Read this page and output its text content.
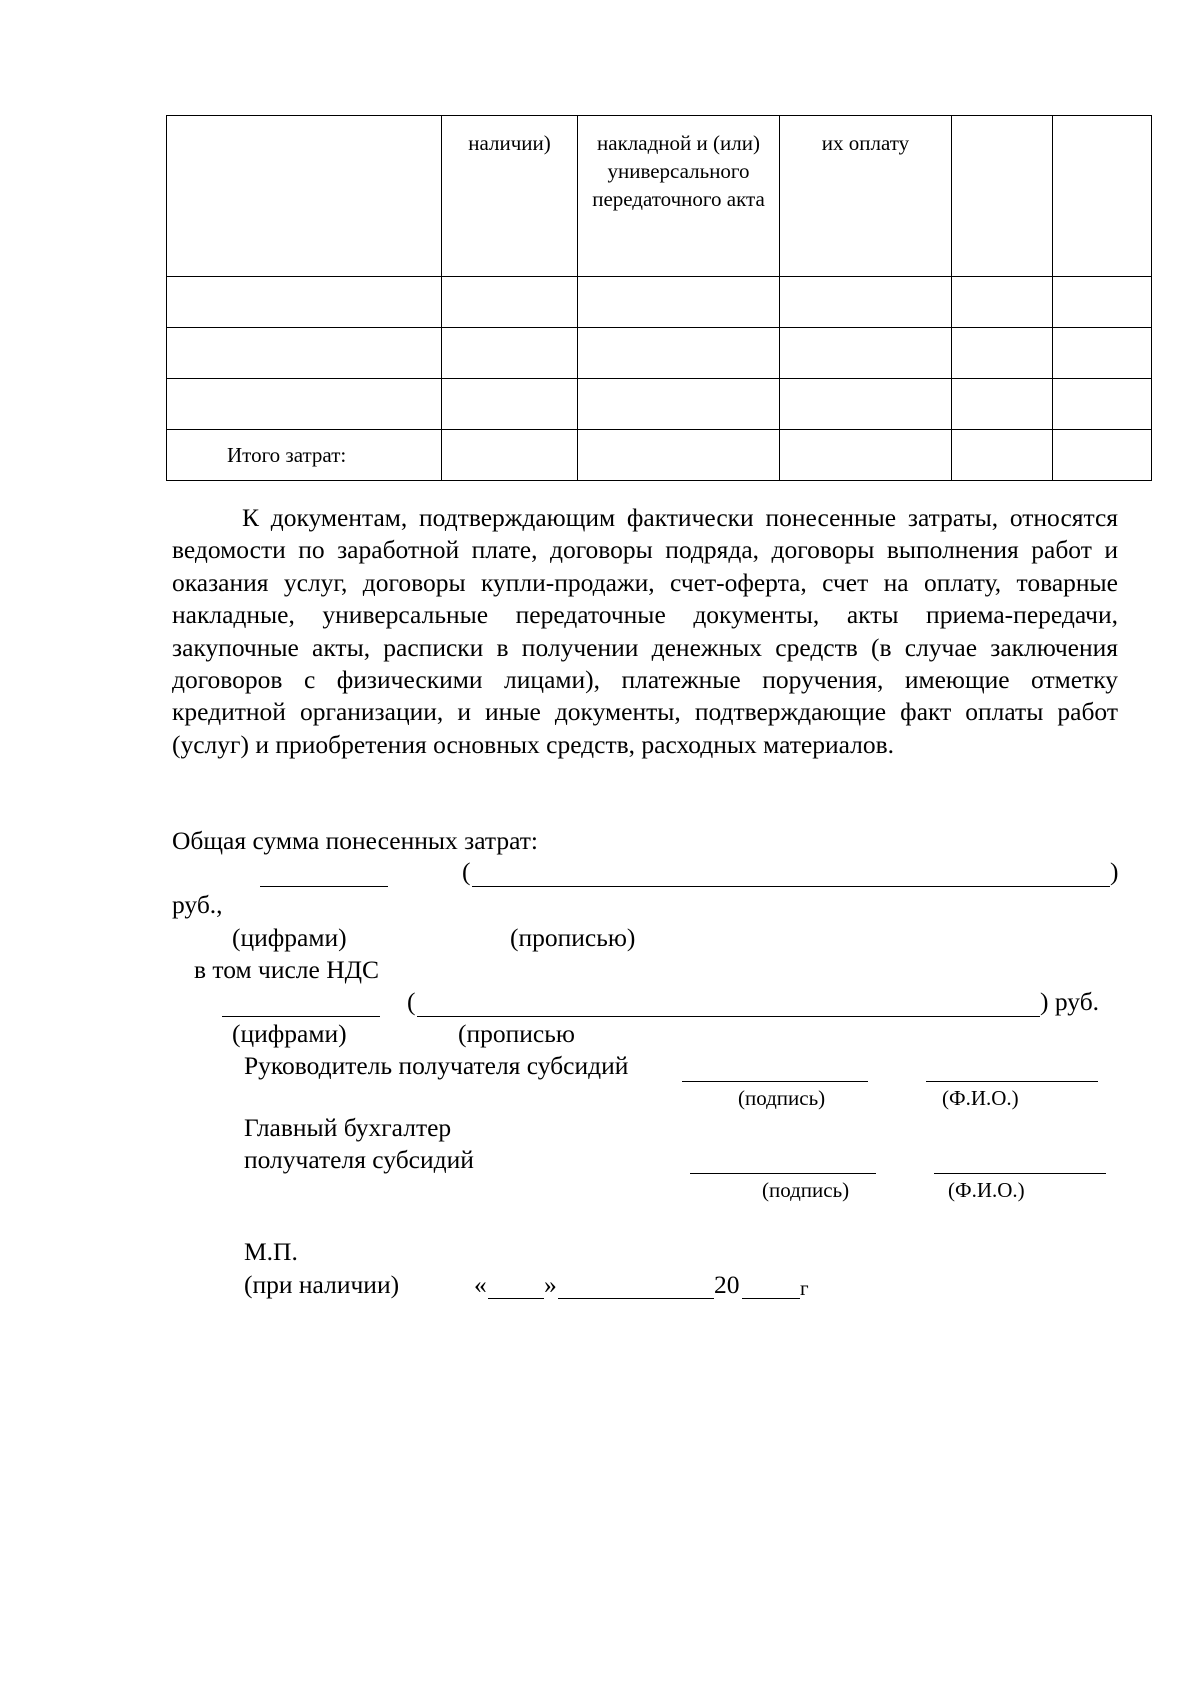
	наличии)	накладной и (или) универсального передаточного акта	их оплату		

Итого затрат:					
К документам, подтверждающим фактически понесенные затраты, относятся ведомости по заработной плате, договоры подряда, договоры выполнения работ и оказания услуг, договоры купли-продажи, счет-оферта, счет на оплату, товарные накладные, универсальные передаточные документы, акты приема-передачи, закупочные акты, расписки в получении денежных средств (в случае заключения договоров с физическими лицами), платежные поручения, имеющие отметку кредитной организации, и иные документы, подтверждающие факт оплаты работ (услуг) и приобретения основных средств, расходных материалов.
Общая сумма понесенных затрат:
(	)
руб.,
(цифрами)	(прописью)
в том числе НДС
(	) руб.
(цифрами)	(прописью
Руководитель получателя субсидий
(подпись)	(Ф.И.О.)
Главный бухгалтер
получателя субсидий
(подпись)	(Ф.И.О.)
М.П.
(при наличии)	« »	20	г
